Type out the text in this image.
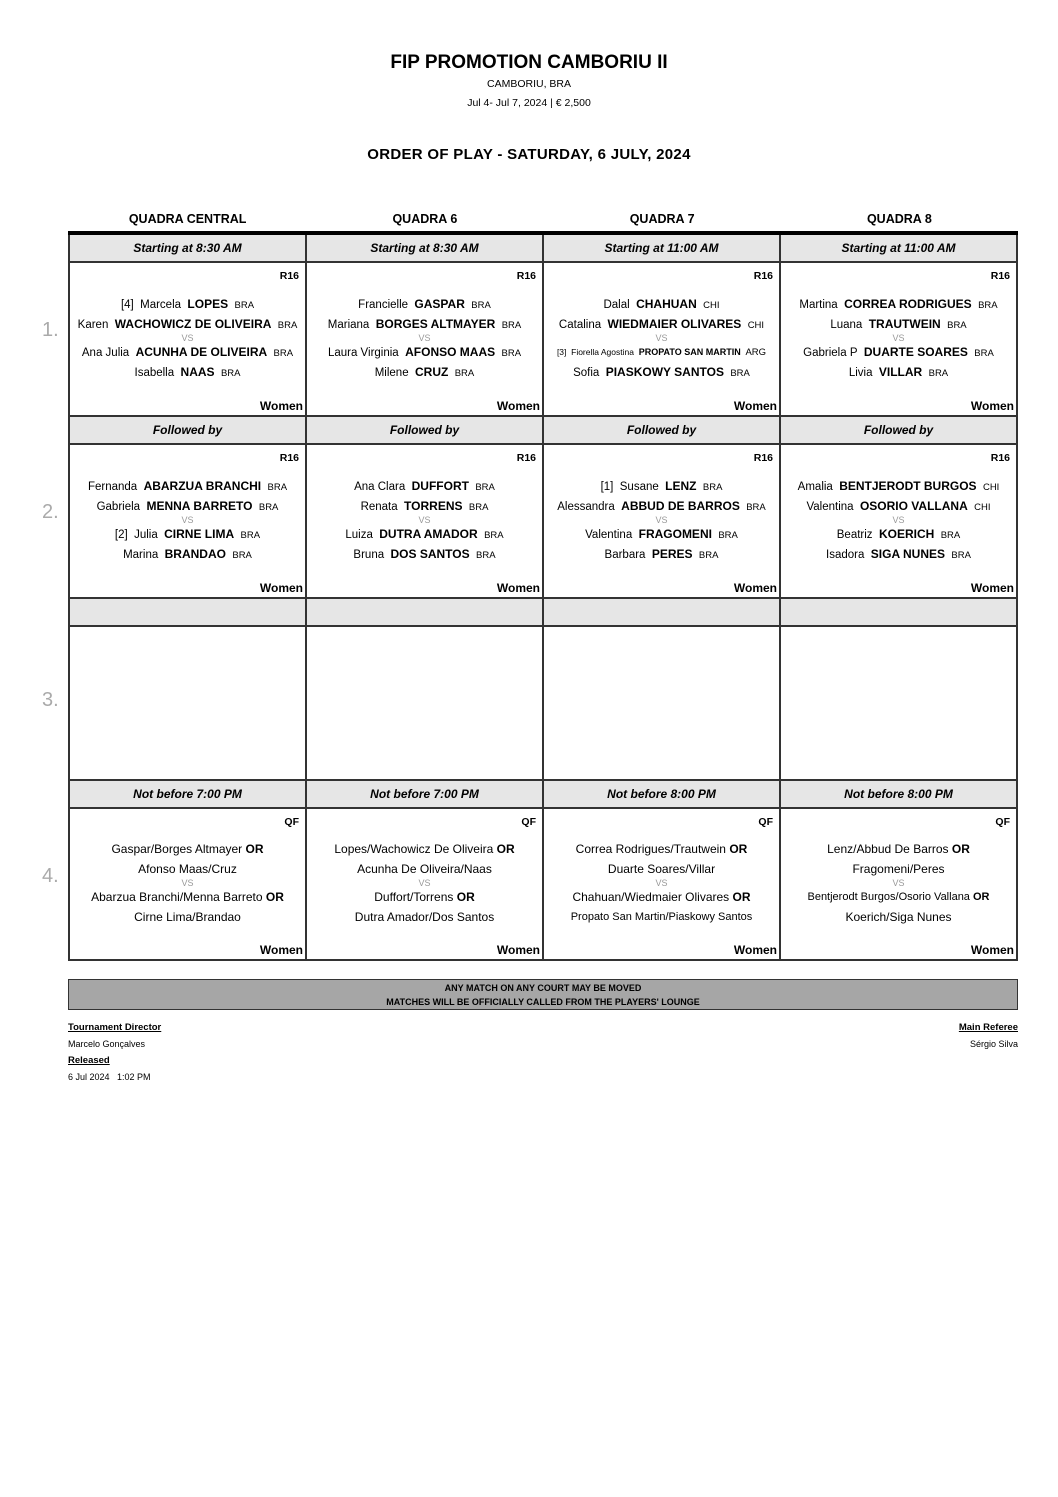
FIP PROMOTION CAMBORIU II
CAMBORIU, BRA
Jul 4- Jul 7, 2024 | € 2,500
ORDER OF PLAY - SATURDAY, 6 JULY, 2024
QUADRA CENTRAL	QUADRA 6	QUADRA 7	QUADRA 8
Starting at 8:30 AM	Starting at 8:30 AM	Starting at 11:00 AM	Starting at 11:00 AM
1.
R16
Women
[4] Marcela LOPES BRA
Karen WACHOWICZ DE OLIVEIRA BRA
VS
Ana Julia ACUNHA DE OLIVEIRA BRA
Isabella NAAS BRA
R16
Women
Francielle GASPAR BRA
Mariana BORGES ALTMAYER BRA
VS
Laura Virginia AFONSO MAAS BRA
Milene CRUZ BRA
R16
Women
Dalal CHAHUAN CHI
Catalina WIEDMAIER OLIVARES CHI
VS
[3] Fiorella Agostina PROPATO SAN MARTIN ARG
Sofia PIASKOWY SANTOS BRA
R16
Women
Martina CORREA RODRIGUES BRA
Luana TRAUTWEIN BRA
VS
Gabriela P DUARTE SOARES BRA
Livia VILLAR BRA
Followed by	Followed by	Followed by	Followed by
2.
R16
Women
Fernanda ABARZUA BRANCHI BRA
Gabriela MENNA BARRETO BRA
VS
[2] Julia CIRNE LIMA BRA
Marina BRANDAO BRA
R16
Women
Ana Clara DUFFORT BRA
Renata TORRENS BRA
VS
Luiza DUTRA AMADOR BRA
Bruna DOS SANTOS BRA
R16
Women
[1] Susane LENZ BRA
Alessandra ABBUD DE BARROS BRA
VS
Valentina FRAGOMENI BRA
Barbara PERES BRA
R16
Women
Amalia BENTJERODT BURGOS CHI
Valentina OSORIO VALLANA CHI
VS
Beatriz KOERICH BRA
Isadora SIGA NUNES BRA
3.
Not before 7:00 PM	Not before 7:00 PM	Not before 8:00 PM	Not before 8:00 PM
4.
QF
Women
Gaspar/Borges Altmayer OR
Afonso Maas/Cruz
VS
Abarzua Branchi/Menna Barreto OR
Cirne Lima/Brandao
QF
Women
Lopes/Wachowicz De Oliveira OR
Acunha De Oliveira/Naas
VS
Duffort/Torrens OR
Dutra Amador/Dos Santos
QF
Women
Correa Rodrigues/Trautwein OR
Duarte Soares/Villar
VS
Chahuan/Wiedmaier Olivares OR
Propato San Martin/Piaskowy Santos
QF
Women
Lenz/Abbud De Barros OR
Fragomeni/Peres
VS
Bentjerodt Burgos/Osorio Vallana OR
Koerich/Siga Nunes
ANY MATCH ON ANY COURT MAY BE MOVED
MATCHES WILL BE OFFICIALLY CALLED FROM THE PLAYERS' LOUNGE
Tournament Director
Marcelo Gonçalves
Released
6 Jul 2024   1:02 PM
Main Referee
Sérgio Silva
